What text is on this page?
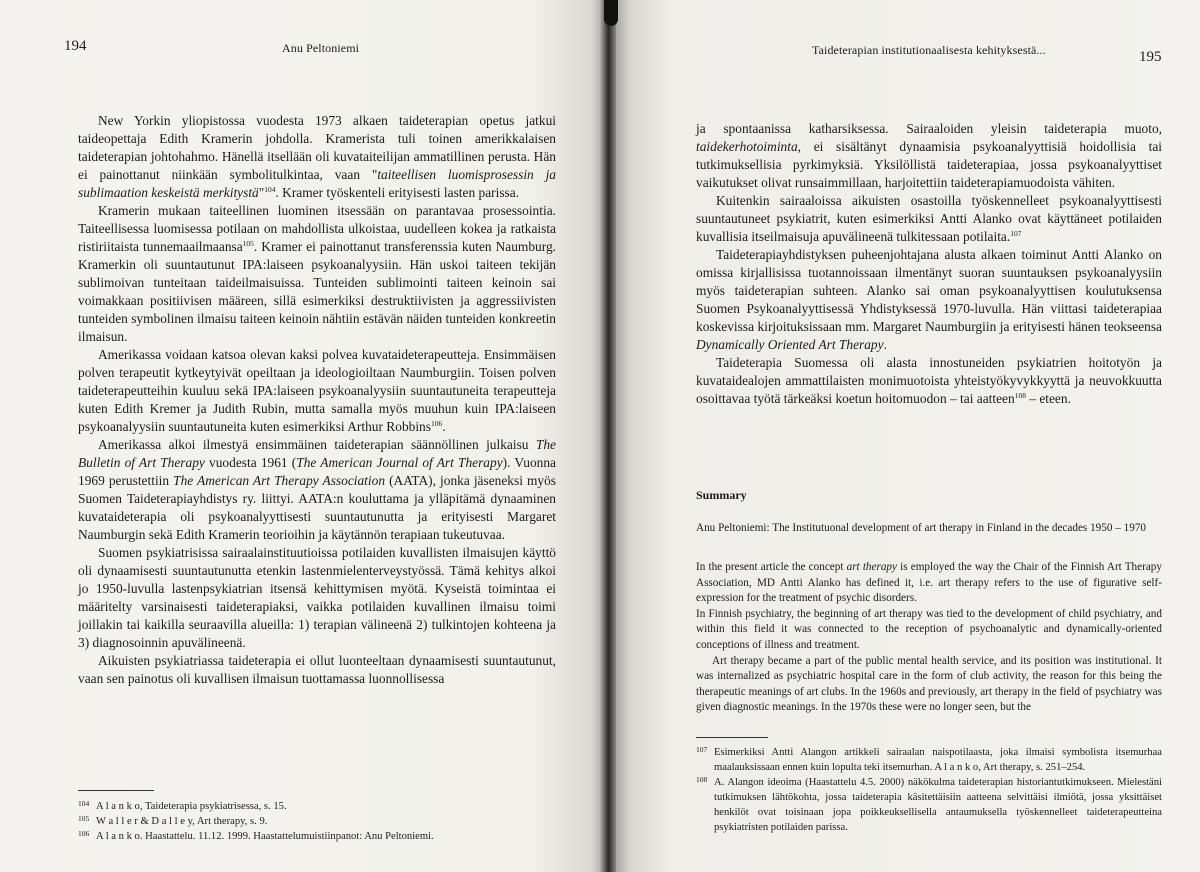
194	Anu Peltoniemi

New Yorkin yliopistossa vuodesta 1973 alkaen taideterapian opetus jatkui taideopettaja Edith Kramerin johdolla. Kramerista tuli toinen amerikkalaisen taideterapian johtohahmo. Hänellä itsellään oli kuvataiteilijan ammatillinen perusta. Hän ei painottanut niinkään symbolitulkintaa, vaan "taiteellisen luomisprosessin ja sublimaation keskeistä merkitystä"$^{104}$. Kramer työskenteli erityisesti lasten parissa.

Kramerin mukaan taiteellinen luominen itsessään on parantavaa prosessointia. Taiteellisessa luomisessa potilaan on mahdollista ulkoistaa, uudelleen kokea ja ratkaista ristiriitaista tunnemaailmaansa$^{105}$. Kramer ei painottanut transferenssia kuten Naumburg. Kramerkin oli suuntautunut IPA:laiseen psykoanalyysiin. Hän uskoi taiteen tekijän sublimoivan tunteitaan taideilmaisuissa. Tunteiden sublimointi taiteen keinoin sai voimakkaan positiivisen määreen, sillä esimerkiksi destruktiivisten ja aggressiivisten tunteiden symbolinen ilmaisu taiteen keinoin nähtiin estävän näiden tunteiden konkreetin ilmaisun.

Amerikassa voidaan katsoa olevan kaksi polvea kuvataideterapeutteja. Ensimmäisen polven terapeutit kytkeytyivät opeiltaan ja ideologioiltaan Naumburgiin. Toisen polven taideterapeutteihin kuuluu sekä IPA:laiseen psykoanalyysiin suuntautuneita terapeutteja kuten Edith Kremer ja Judith Rubin, mutta samalla myös muuhun kuin IPA:laiseen psykoanalyysiin suuntautuneita kuten esimerkiksi Arthur Robbins$^{106}$.

Amerikassa alkoi ilmestyä ensimmäinen taideterapian säännöllinen julkaisu The Bulletin of Art Therapy vuodesta 1961 (The American Journal of Art Therapy). Vuonna 1969 perustettiin The American Art Therapy Association (AATA), jonka jäseneksi myös Suomen Taideterapiayhdistys ry. liittyi. AATA:n kouluttama ja ylläpitämä dynaaminen kuvataideterapia oli psykoanalyyttisesti suuntautunutta ja erityisesti Margaret Naumburgin sekä Edith Kramerin teorioihin ja käytännön terapiaan tukeutuvaa.

Suomen psykiatrisissa sairaalainstituutioissa potilaiden kuvallisten ilmaisujen käyttö oli dynaamisesti suuntautunutta etenkin lastenmielenterveystyössä. Tämä kehitys alkoi jo 1950-luvulla lastenpsykiatrian itsensä kehittymisen myötä. Kyseistä toimintaa ei määritelty varsinaisesti taideterapiaksi, vaikka potilaiden kuvallinen ilmaisu toimi joillakin tai kaikilla seuraavilla alueilla: 1) terapian välineenä 2) tulkintojen kohteena ja 3) diagnosoinnin apuvälineenä.

Aikuisten psykiatriassa taideterapia ei ollut luonteeltaan dynaamisesti suuntautunut, vaan sen painotus oli kuvallisen ilmaisun tuottamassa luonnollisessa

104 A l a n k o, Taideterapia psykiatrisessa, s. 15.
105 W a l l e r & D a l l e y, Art therapy, s. 9.
106 A l a n k o. Haastattelu. 11.12. 1999. Haastattelumuistiinpanot: Anu Peltoniemi.
Taideterapian institutionaalisesta kehityksestä...	195

ja spontaanissa katharsiksessa. Sairaaloiden yleisin taideterapia muoto, taidekerhotoiminta, ei sisältänyt dynaamisia psykoanalyyttisiä hoidollisia tai tutkimuksellisia pyrkimyksiä. Yksilöllistä taideterapiaa, jossa psykoanalyyttiset vaikutukset olivat runsaimmillaan, harjoitettiin taideterapiamuodoista vähiten.

Kuitenkin sairaaloissa aikuisten osastoilla työskennelleet psykoanalyyttisesti suuntautuneet psykiatrit, kuten esimerkiksi Antti Alanko ovat käyttäneet potilaiden kuvallisia itseilmaisuja apuvälineenä tulkitessaan potilaita.$^{107}$

Taideterapiayhdistyksen puheenjohtajana alusta alkaen toiminut Antti Alanko on omissa kirjallisissa tuotannoissaan ilmentänyt suoran suuntauksen psykoanalyysiin myös taideterapian suhteen. Alanko sai oman psykoanalyyttisen koulutuksensa Suomen Psykoanalyyttisessä Yhdistyksessä 1970-luvulla. Hän viittasi taideterapiaa koskevissa kirjoituksissaan mm. Margaret Naumburgiin ja erityisesti hänen teokseensa Dynamically Oriented Art Therapy.

Taideterapia Suomessa oli alasta innostuneiden psykiatrien hoitotyön ja kuvataidealojen ammattilaisten monimuotoista yhteistyökyvykkyyttä ja neuvokkuutta osoittavaa työtä tärkeäksi koetun hoitomuodon – tai aatteen$^{108}$ – eteen.

Summary
Anu Peltoniemi: The Institutuonal development of art therapy in Finland in the decades 1950 – 1970

In the present article the concept art therapy is employed the way the Chair of the Finnish Art Therapy Association, MD Antti Alanko has defined it, i.e. art therapy refers to the use of figurative self-expression for the treatment of psychic disorders.

In Finnish psychiatry, the beginning of art therapy was tied to the development of child psychiatry, and within this field it was connected to the reception of psychoanalytic and dynamically-oriented conceptions of illness and treatment.

Art therapy became a part of the public mental health service, and its position was institutional. It was internalized as psychiatric hospital care in the form of club activity, the reason for this being the therapeutic meanings of art clubs. In the 1960s and previously, art therapy in the field of psychiatry was given diagnostic meanings. In the 1970s these were no longer seen, but the

107 Esimerkiksi Antti Alangon artikkeli sairaalan naispotilaasta, joka ilmaisi symbolista itsemurhaa maalauksissaan ennen kuin lopulta teki itsemurhan. A l a n k o, Art therapy, s. 251–254.
108 A. Alangon ideoima (Haastattelu 4.5. 2000) näkökulma taideterapian historiantutkimukseen. Mielestäni tutkimuksen lähtökohta, jossa taideterapia käsitettäisiin aatteena selvittäisi ilmiötä, jossa yksittäiset henkilöt ovat toisinaan jopa poikkeuksellisella antaumuksella työskennelleet taideterapeutteina psykiatristen potilaiden parissa.
